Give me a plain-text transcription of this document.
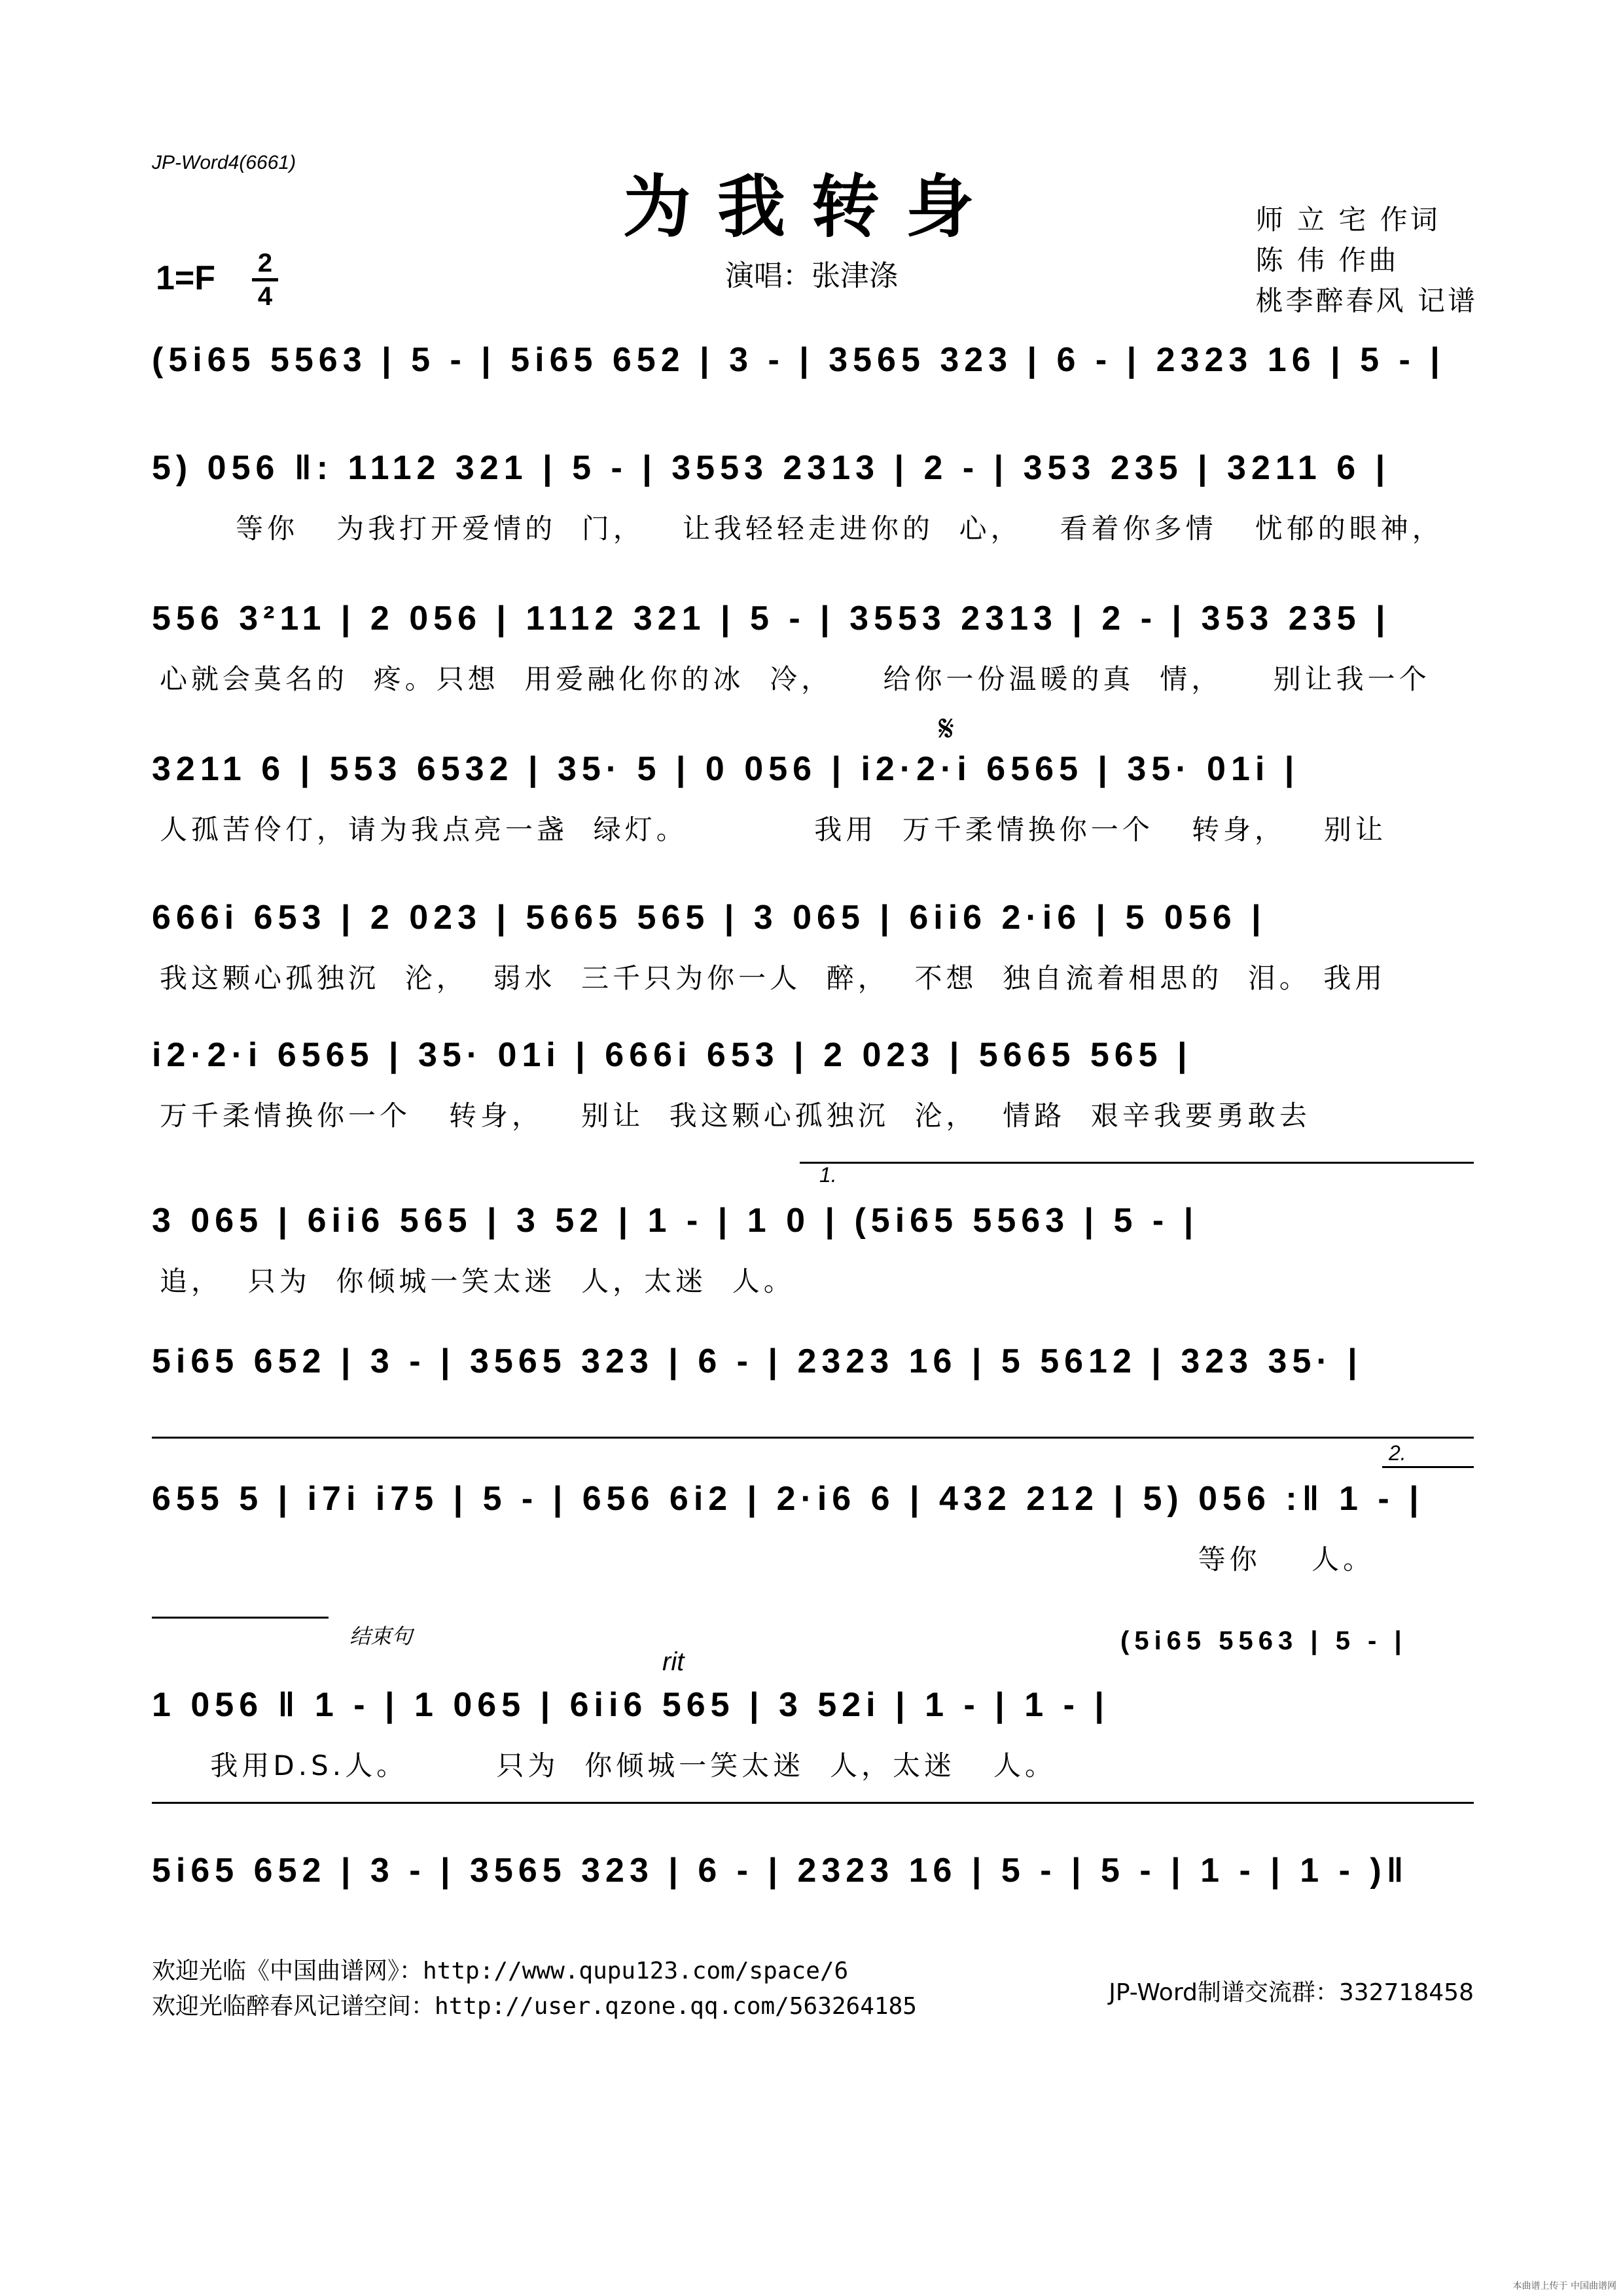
JP-Word4(6661)
为我转身
演唱：张津涤
1=F 2
4
师 立 宅 作词
陈 伟 作曲
桃李醉春风 记谱
(5i65 5563 | 5 - | 5i65 652 | 3 - | 3565 323 | 6 - | 2323 16 | 5 - |
5) 056 ‖: 1112 321 | 5 - | 3553 2313 | 2 - | 353 235 | 3211 6 |
等你   为我打开爱情的  门，   让我轻轻走进你的  心，   看着你多情   忧郁的眼神，
556 3²11 | 2 056 | 1112 321 | 5 - | 3553 2313 | 2 - | 353 235 |
心就会莫名的  疼。只想  用爱融化你的冰  冷，    给你一份温暖的真  情，    别让我一个
𝄋
3211 6 | 553 6532 | 35· 5 | 0 056 | i2·2·i 6565 | 35· 01i |
人孤苦伶仃，请为我点亮一盏  绿灯。          我用  万千柔情换你一个   转身，   别让
666i 653 | 2 023 | 5665 565 | 3 065 | 6ii6 2·i6 | 5 056 |
我这颗心孤独沉  沦，  弱水  三千只为你一人  醉，  不想  独自流着相思的  泪。 我用
i2·2·i 6565 | 35· 01i | 666i 653 | 2 023 | 5665 565 |
万千柔情换你一个   转身，   别让  我这颗心孤独沉  沦，  情路  艰辛我要勇敢去
1.
3 065 | 6ii6 565 | 3 52 | 1 - | 1 0 | (5i65 5563 | 5 - |
追，  只为  你倾城一笑太迷  人，太迷  人。
5i65 652 | 3 - | 3565 323 | 6 - | 2323 16 | 5 5612 | 323 35· |
2.
655 5 | i7i i75 | 5 - | 656 6i2 | 2·i6 6 | 432 212 | 5) 056 :‖ 1 - |
等你    人。
结束句
rit
(5i65 5563 | 5 - |
1 056 ‖ 1 - | 1 065 | 6ii6 565 | 3 52i | 1 - | 1 - |
我用D.S.人。       只为  你倾城一笑太迷  人，太迷   人。
5i65 652 | 3 - | 3565 323 | 6 - | 2323 16 | 5 - | 5 - | 1 - | 1 - )‖
欢迎光临《中国曲谱网》：http://www.qupu123.com/space/6
欢迎光临醉春风记谱空间：http://user.qzone.qq.com/563264185
JP-Word制谱交流群：332718458
本曲谱上传于 中国曲谱网
